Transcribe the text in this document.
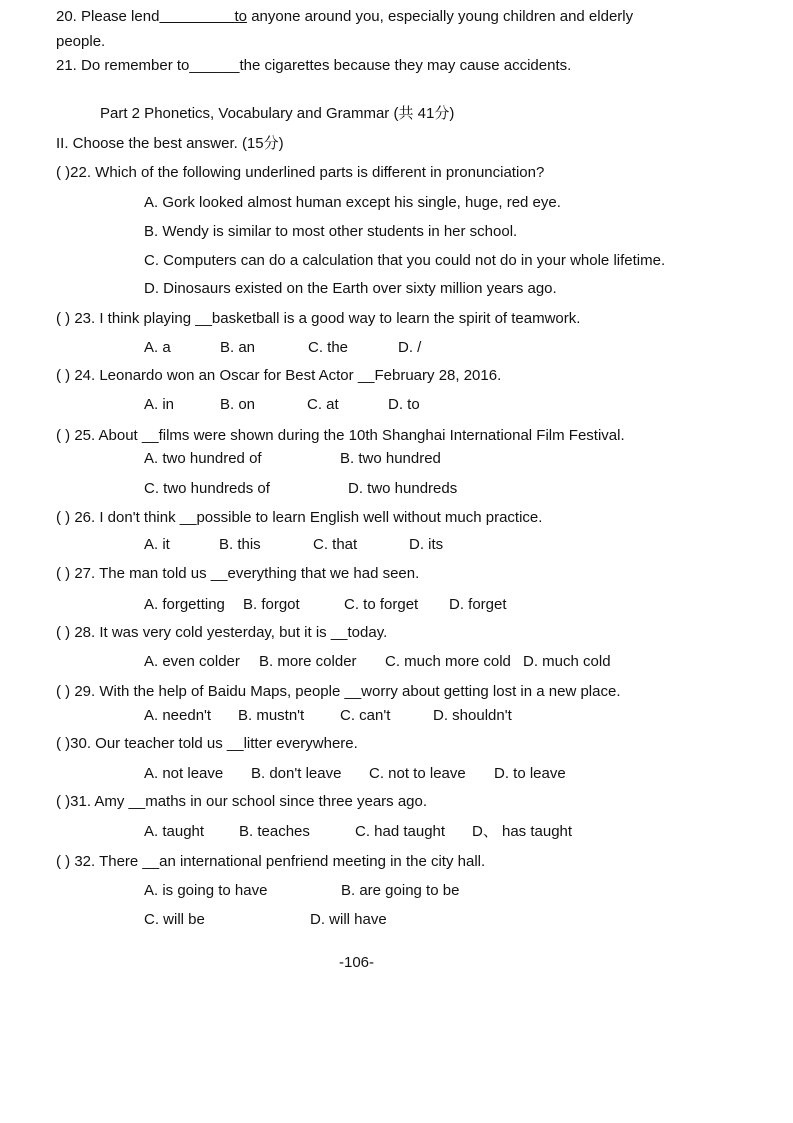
20. Please lend	to anyone around you, especially young children and elderly
people.
21. Do remember to______the cigarettes because they may cause accidents.
Part 2 Phonetics, Vocabulary and Grammar (共 41分)
II. Choose the best answer. (15分)
( )22. Which of the following underlined parts is different in pronunciation?
A. Gork looked almost human except his single, huge, red eye.
B. Wendy is similar to most other students in her school.
C. Computers can do a calculation that you could not do in your whole lifetime.
D. Dinosaurs existed on the Earth over sixty million years ago.
( ) 23. I think playing __basketball is a good way to learn the spirit of teamwork.
A. a	B. an	C. the	D. /
( ) 24. Leonardo won an Oscar for Best Actor __February 28, 2016.
A. in	B. on	C. at	D. to
( ) 25. About __films were shown during the 10th Shanghai International Film Festival.
A. two hundred of	B. two hundred
C. two hundreds of	D. two hundreds
( ) 26. I don't think __possible to learn English well without much practice.
A. it	B. this	C. that	D. its
( ) 27. The man told us __everything that we had seen.
A. forgetting B. forgot	C. to forget D. forget
( ) 28. It was very cold yesterday, but it is __today.
A. even colder B. more colder C. much more cold D. much cold
( ) 29. With the help of Baidu Maps, people __worry about getting lost in a new place.
A. needn't B. mustn't C. can't	D. shouldn't
( )30. Our teacher told us __litter everywhere.
A. not leave B. don't leave C. not to leave D. to leave
( )31. Amy __maths in our school since three years ago.
A. taught B. teaches	C. had taught D、 has taught
( ) 32. There __an international penfriend meeting in the city hall.
A. is going to have	B. are going to be
C. will be	D. will have
-106-
